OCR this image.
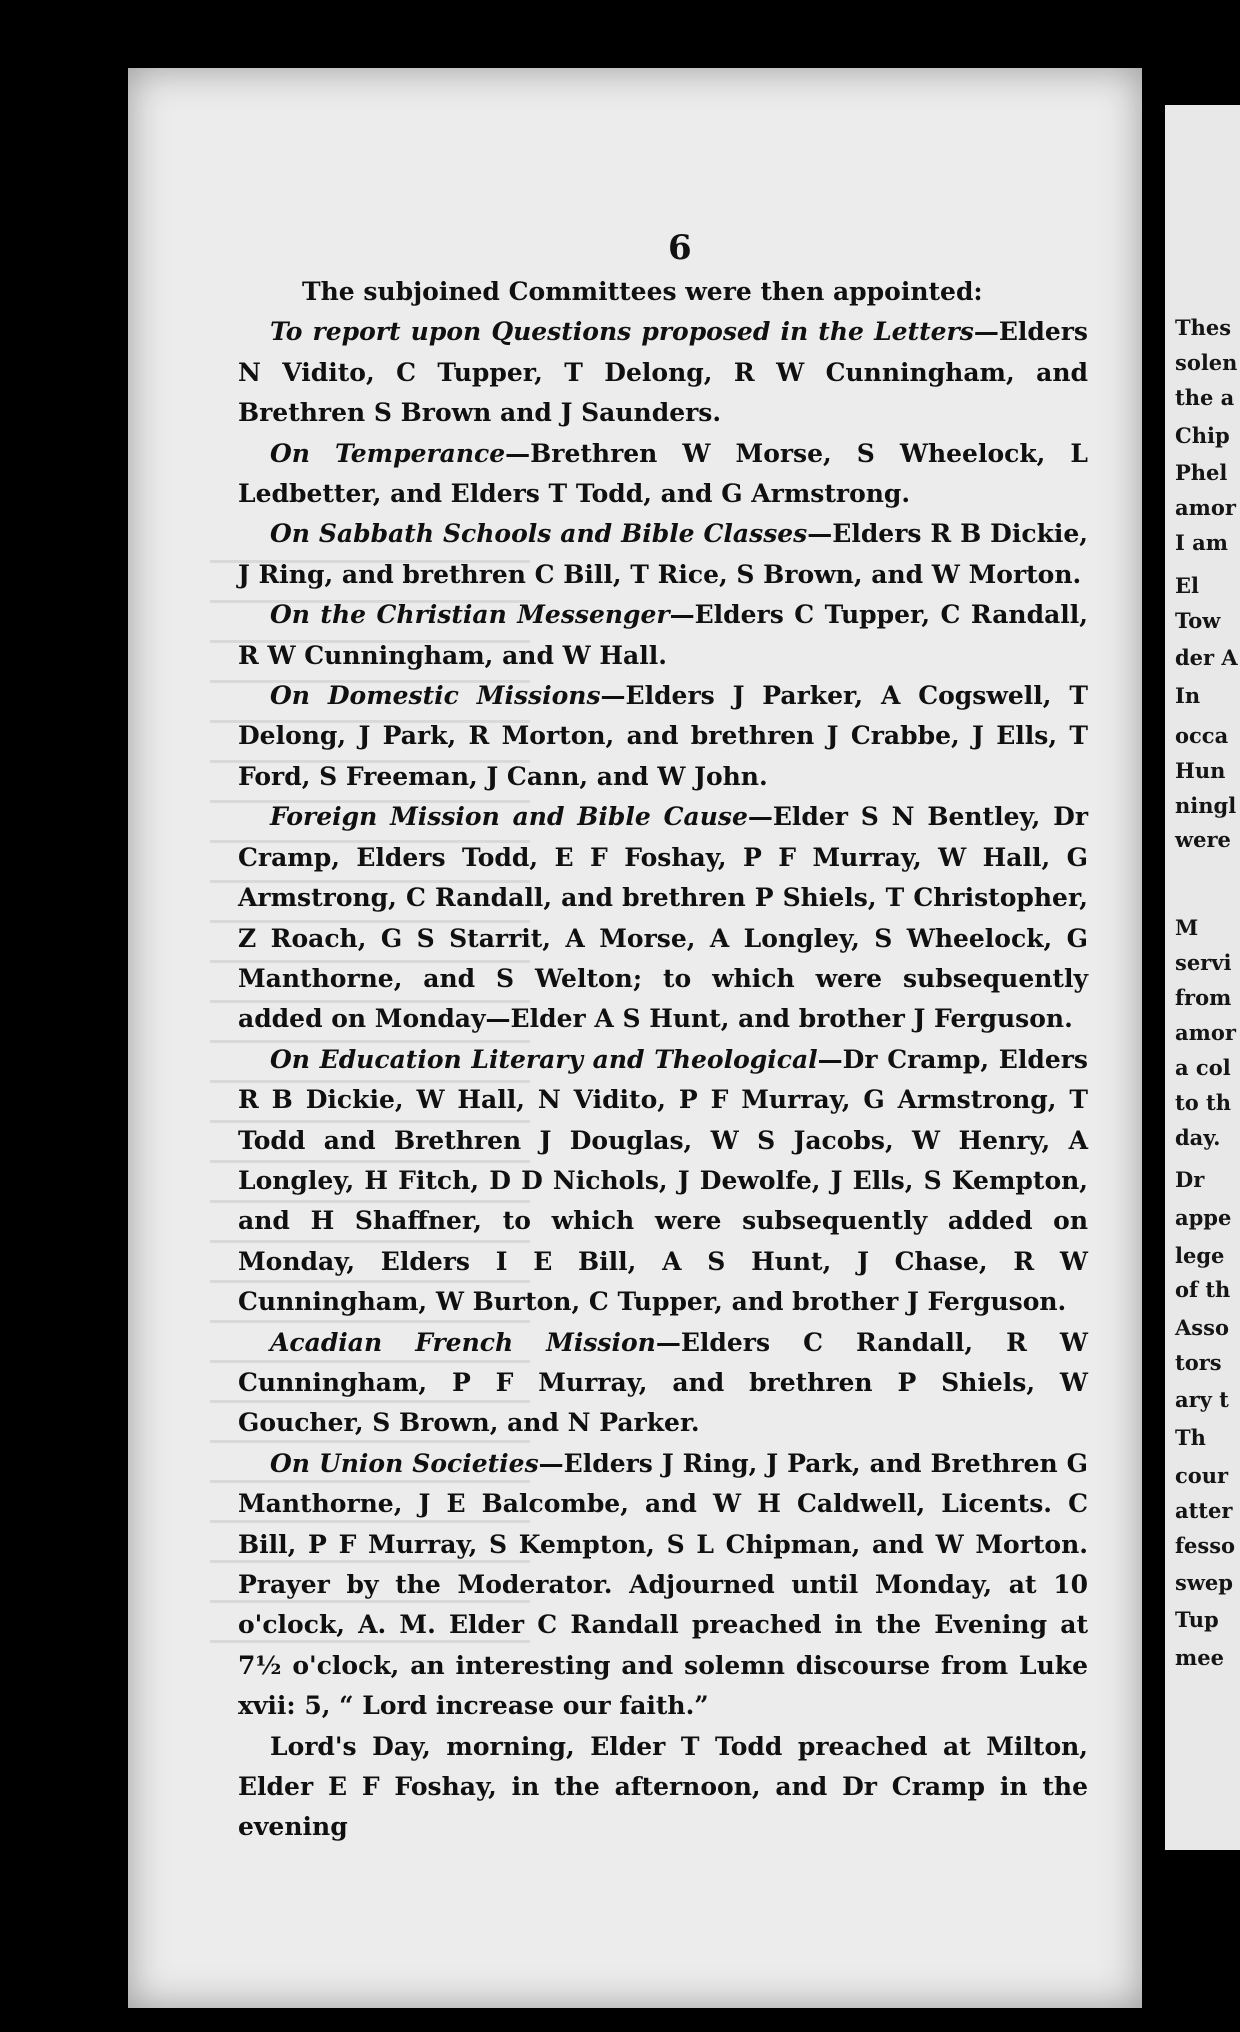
6

The subjoined Committees were then appointed:

To report upon Questions proposed in the Letters—Elders N Vidito, C Tupper, T Delong, R W Cunningham, and Brethren S Brown and J Saunders.

On Temperance—Brethren W Morse, S Wheelock, L Ledbetter, and Elders T Todd, and G Armstrong.

On Sabbath Schools and Bible Classes—Elders R B Dickie, J Ring, and brethren C Bill, T Rice, S Brown, and W Morton.

On the Christian Messenger—Elders C Tupper, C Randall, R W Cunningham, and W Hall.

On Domestic Missions—Elders J Parker, A Cogswell, T Delong, J Park, R Morton, and brethren J Crabbe, J Ells, T Ford, S Freeman, J Cann, and W John.

Foreign Mission and Bible Cause—Elder S N Bentley, Dr Cramp, Elders Todd, E F Foshay, P F Murray, W Hall, G Armstrong, C Randall, and brethren P Shiels, T Christopher, Z Roach, G S Starrit, A Morse, A Longley, S Wheelock, G Manthorne, and S Welton; to which were subsequently added on Monday—Elder A S Hunt, and brother J Ferguson.

On Education Literary and Theological—Dr Cramp, Elders R B Dickie, W Hall, N Vidito, P F Murray, G Armstrong, T Todd and Brethren J Douglas, W S Jacobs, W Henry, A Longley, H Fitch, D D Nichols, J Dewolfe, J Ells, S Kempton, and H Shaffner, to which were subsequently added on Monday, Elders I E Bill, A S Hunt, J Chase, R W Cunningham, W Burton, C Tupper, and brother J Ferguson.

Acadian French Mission—Elders C Randall, R W Cunningham, P F Murray, and brethren P Shiels, W Goucher, S Brown, and N Parker.

On Union Societies—Elders J Ring, J Park, and Brethren G Manthorne, J E Balcombe, and W H Caldwell, Licents. C Bill, P F Murray, S Kempton, S L Chipman, and W Morton. Prayer by the Moderator. Adjourned until Monday, at 10 o'clock, A. M. Elder C Randall preached in the Evening at 7½ o'clock, an interesting and solemn discourse from Luke xvii: 5, “ Lord increase our faith.”

Lord's Day, morning, Elder T Todd preached at Milton, Elder E F Foshay, in the afternoon, and Dr Cramp in the evening

Thes
solen
the a
Chip
Phel
amor
I am
El
Tow
der A
In
occa
Hun
ningl
were
M
servi
from
amor
a col
to th
day.
Dr
appe
lege
of th
Asso
tors
ary t
Th
cour
atter
fesso
swep
Tup
mee
